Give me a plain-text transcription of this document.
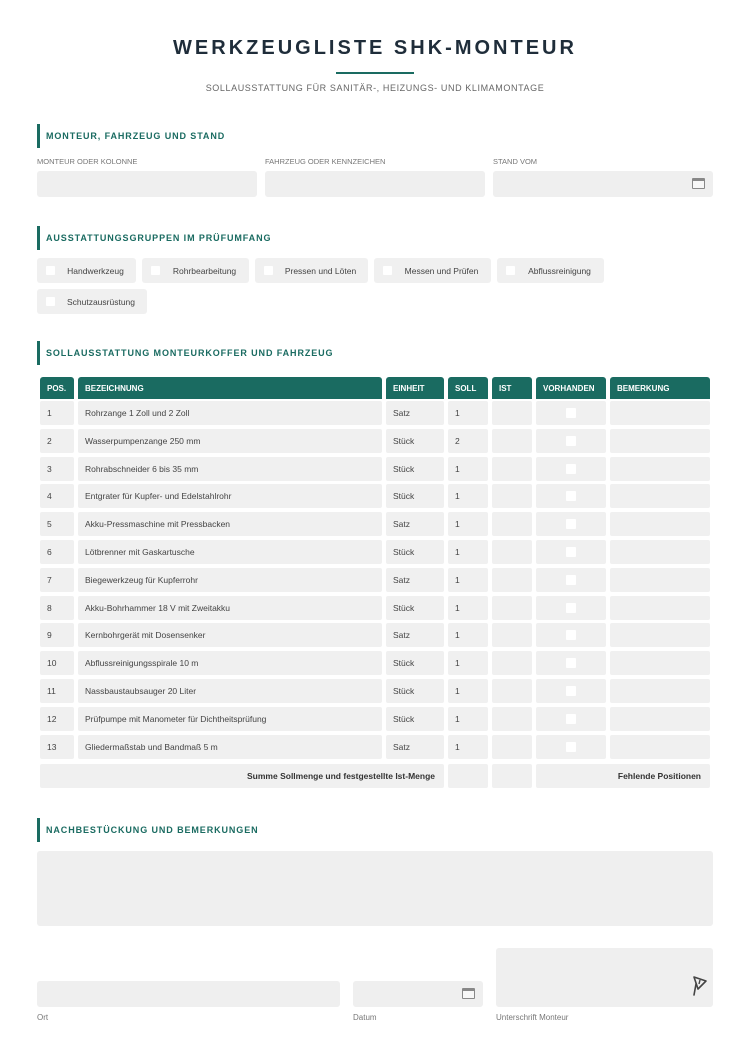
WERKZEUGLISTE SHK-MONTEUR
SOLLAUSSTATTUNG FÜR SANITÄR-, HEIZUNGS- UND KLIMAMONTAGE
MONTEUR, FAHRZEUG UND STAND
MONTEUR ODER KOLONNE	FAHRZEUG ODER KENNZEICHEN	STAND VOM
AUSSTATTUNGSGRUPPEN IM PRÜFUMFANG
Handwerkzeug	Rohrbearbeitung	Pressen und Löten	Messen und Prüfen	Abflussreinigung
Schutzausrüstung
SOLLAUSSTATTUNG MONTEURKOFFER UND FAHRZEUG
POS.	BEZEICHNUNG	EINHEIT	SOLL	IST	VORHANDEN	BEMERKUNG
1	Rohrzange 1 Zoll und 2 Zoll	Satz	1
2	Wasserpumpenzange 250 mm	Stück	2
3	Rohrabschneider 6 bis 35 mm	Stück	1
4	Entgrater für Kupfer- und Edelstahlrohr	Stück	1
5	Akku-Pressmaschine mit Pressbacken	Satz	1
6	Lötbrenner mit Gaskartusche	Stück	1
7	Biegewerkzeug für Kupferrohr	Satz	1
8	Akku-Bohrhammer 18 V mit Zweitakku	Stück	1
9	Kernbohrgerät mit Dosensenker	Satz	1
10	Abflussreinigungsspirale 10 m	Stück	1
11	Nassbaustaubsauger 20 Liter	Stück	1
12	Prüfpumpe mit Manometer für Dichtheitsprüfung	Stück	1
13	Gliedermaßstab und Bandmaß 5 m	Satz	1
Summe Sollmenge und festgestellte Ist-Menge	Fehlende Positionen
NACHBESTÜCKUNG UND BEMERKUNGEN
Ort	Datum	Unterschrift Monteur
